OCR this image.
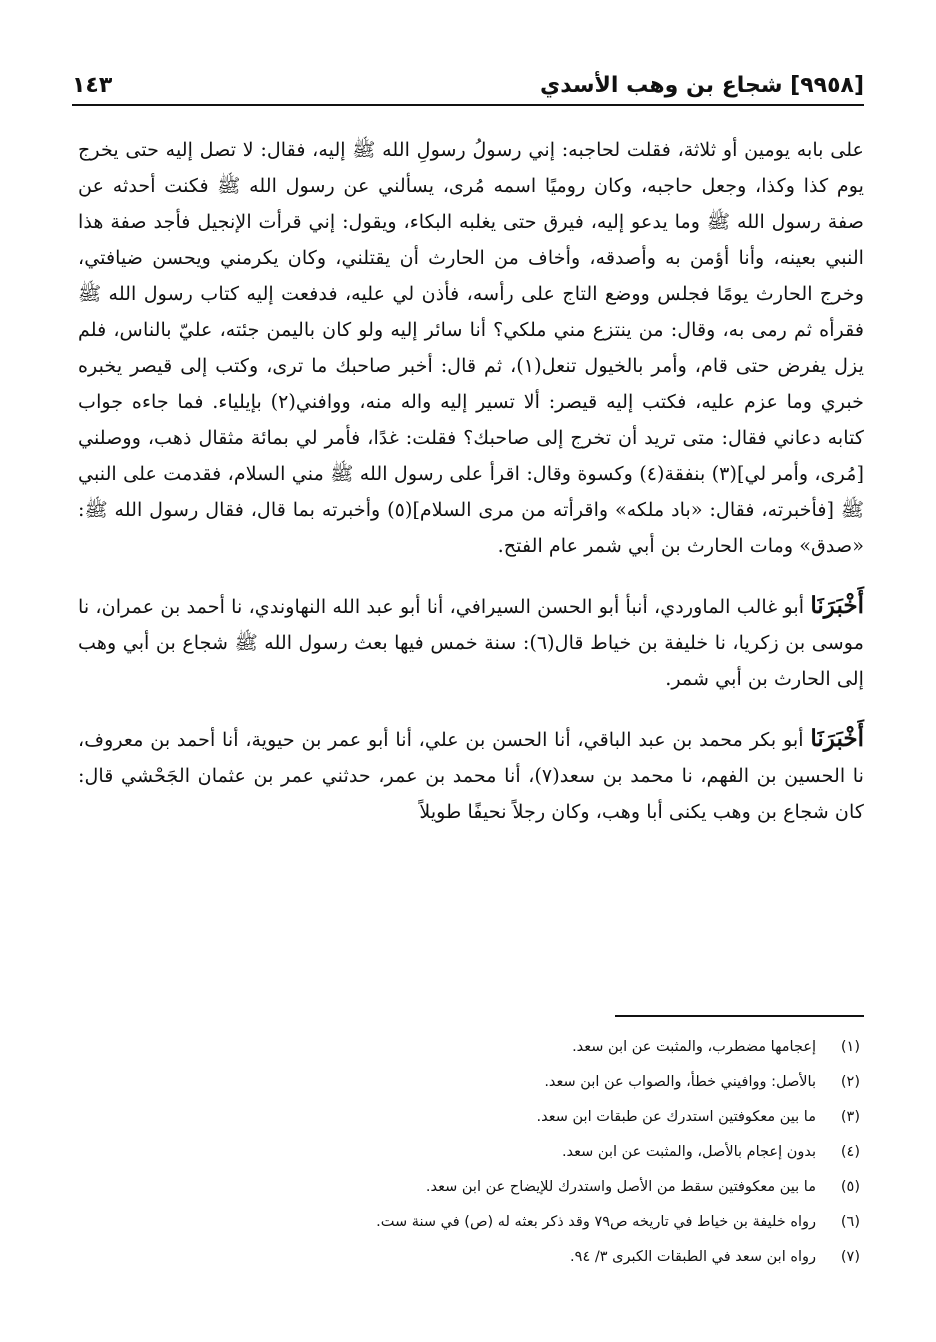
١٤٣	[٩٩٥٨] شجاع بن وهب الأسدي

على بابه يومين أو ثلاثة، فقلت لحاجبه: إني رسولُ رسولِ الله ﷺ إليه، فقال: لا تصل إليه حتى يخرج يوم كذا وكذا، وجعل حاجبه، وكان روميًا اسمه مُرى، يسألني عن رسول الله ﷺ فكنت أحدثه عن صفة رسول الله ﷺ وما يدعو إليه، فيرق حتى يغلبه البكاء، ويقول: إني قرأت الإنجيل فأجد صفة هذا النبي بعينه، وأنا أؤمن به وأصدقه، وأخاف من الحارث أن يقتلني، وكان يكرمني ويحسن ضيافتي، وخرج الحارث يومًا فجلس ووضع التاج على رأسه، فأذن لي عليه، فدفعت إليه كتاب رسول الله ﷺ فقرأه ثم رمى به، وقال: من ينتزع مني ملكي؟ أنا سائر إليه ولو كان باليمن جئته، عليّ بالناس، فلم يزل يفرض حتى قام، وأمر بالخيول تنعل(١)، ثم قال: أخبر صاحبك ما ترى، وكتب إلى قيصر يخبره خبري وما عزم عليه، فكتب إليه قيصر: ألا تسير إليه واله منه، ووافني(٢) بإيلياء. فما جاءه جواب كتابه دعاني فقال: متى تريد أن تخرج إلى صاحبك؟ فقلت: غدًا، فأمر لي بمائة مثقال ذهب، ووصلني [مُرى، وأمر لي](٣) بنفقة(٤) وكسوة وقال: اقرأ على رسول الله ﷺ مني السلام، فقدمت على النبي ﷺ [فأخبرته، فقال: «باد ملكه» واقرأته من مرى السلام](٥) وأخبرته بما قال، فقال رسول الله ﷺ: «صدق» ومات الحارث بن أبي شمر عام الفتح.

أَخْبَرَنَا أبو غالب الماوردي، أنبأ أبو الحسن السيرافي، أنا أبو عبد الله النهاوندي، نا أحمد بن عمران، نا موسى بن زكريا، نا خليفة بن خياط قال(٦): سنة خمس فيها بعث رسول الله ﷺ شجاع بن أبي وهب إلى الحارث بن أبي شمر.

أَخْبَرَنَا أبو بكر محمد بن عبد الباقي، أنا الحسن بن علي، أنا أبو عمر بن حيوية، أنا أحمد بن معروف، نا الحسين بن الفهم، نا محمد بن سعد(٧)، أنا محمد بن عمر، حدثني عمر بن عثمان الجَحْشي قال: كان شجاع بن وهب يكنى أبا وهب، وكان رجلاً نحيفًا طويلاً

(١)
إعجامها مضطرب، والمثبت عن ابن سعد.
(٢)
بالأصل: ووافيني خطأ، والصواب عن ابن سعد.
(٣)
ما بين معكوفتين استدرك عن طبقات ابن سعد.
(٤)
بدون إعجام بالأصل، والمثبت عن ابن سعد.
(٥)
ما بين معكوفتين سقط من الأصل واستدرك للإيضاح عن ابن سعد.
(٦)
رواه خليفة بن خياط في تاريخه ص٧٩ وقد ذكر بعثه له (ص) في سنة ست.
(٧)
رواه ابن سعد في الطبقات الكبرى ٣/ ٩٤.
